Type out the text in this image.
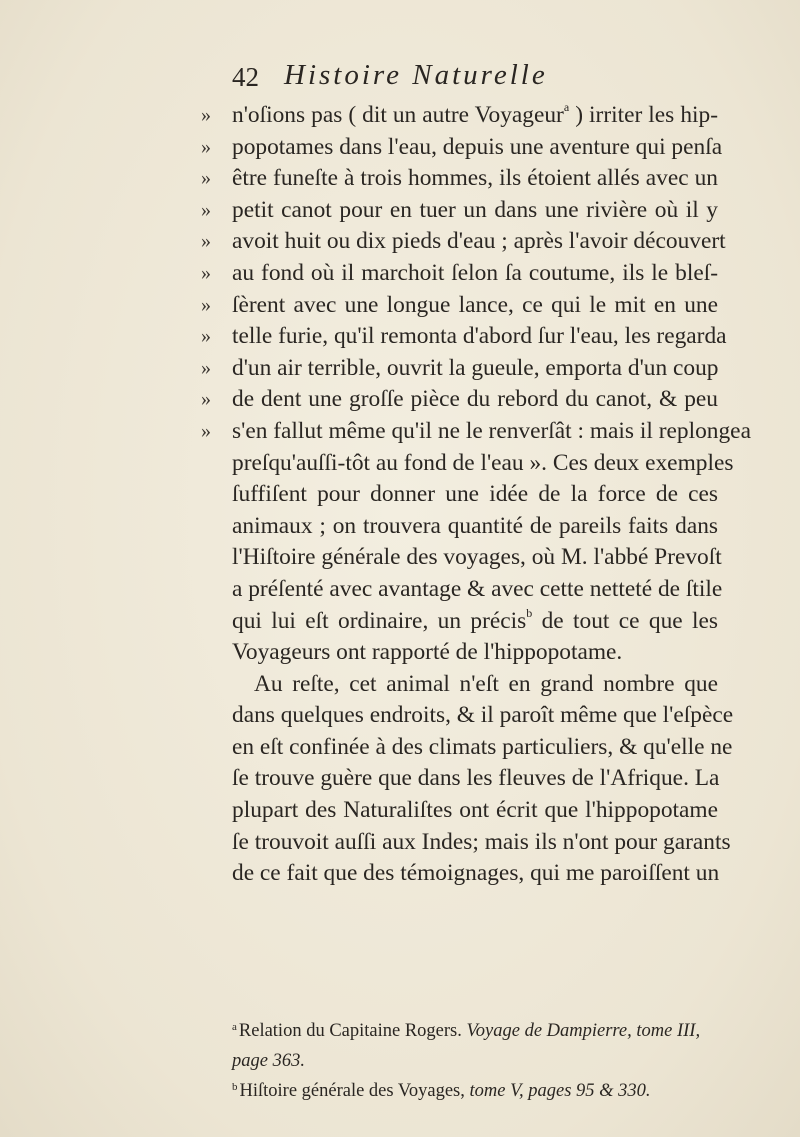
42 Histoire Naturelle
» n'oſions pas ( dit un autre Voyageur$^a$ ) irriter les hip-
» popotames dans l'eau, depuis une aventure qui penſa
» être funeſte à trois hommes, ils étoient allés avec un
» petit canot pour en tuer un dans une rivière où il y
» avoit huit ou dix pieds d'eau ; après l'avoir découvert
» au fond où il marchoit ſelon ſa coutume, ils le bleſ-
» ſèrent avec une longue lance, ce qui le mit en une
» telle furie, qu'il remonta d'abord ſur l'eau, les regarda
» d'un air terrible, ouvrit la gueule, emporta d'un coup
» de dent une groſſe pièce du rebord du canot, & peu
» s'en fallut même qu'il ne le renverſât : mais il replongea
preſqu'auſſi-tôt au fond de l'eau ». Ces deux exemples
ſuffiſent pour donner une idée de la force de ces
animaux ; on trouvera quantité de pareils faits dans
l'Hiſtoire générale des voyages, où M. l'abbé Prevoſt
a préſenté avec avantage & avec cette netteté de ſtile
qui lui eſt ordinaire, un précis$^b$ de tout ce que les
Voyageurs ont rapporté de l'hippopotame.
Au reſte, cet animal n'eſt en grand nombre que
dans quelques endroits, & il paroît même que l'eſpèce
en eſt confinée à des climats particuliers, & qu'elle ne
ſe trouve guère que dans les fleuves de l'Afrique. La
plupart des Naturaliſtes ont écrit que l'hippopotame
ſe trouvoit auſſi aux Indes; mais ils n'ont pour garants
de ce fait que des témoignages, qui me paroiſſent un
$^a$ Relation du Capitaine Rogers. Voyage de Dampierre, tome III,
page 363.
$^b$ Hiſtoire générale des Voyages, tome V, pages 95 & 330.
